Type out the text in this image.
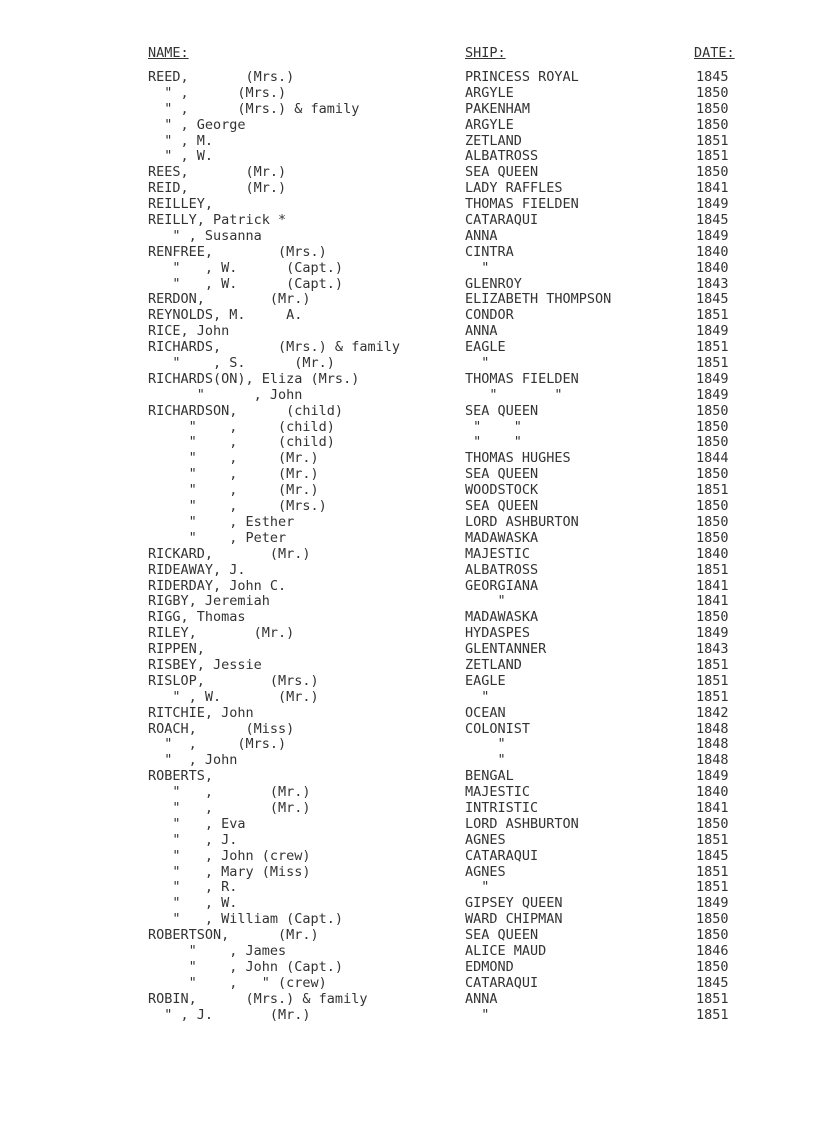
NAME:	SHIP:	DATE:
REED,       (Mrs.)	PRINCESS ROYAL	1845
" ,      (Mrs.)	ARGYLE	1850
" ,      (Mrs.) & family	PAKENHAM	1850
" , George	ARGYLE	1850
" , M.	ZETLAND	1851
" , W.	ALBATROSS	1851
REES,       (Mr.)	SEA QUEEN	1850
REID,       (Mr.)	LADY RAFFLES	1841
REILLEY,	THOMAS FIELDEN	1849
REILLY, Patrick *	CATARAQUI	1845
" , Susanna	ANNA	1849
RENFREE,        (Mrs.)	CINTRA	1840
"   , W.      (Capt.)	"	1840
"   , W.      (Capt.)	GLENROY	1843
RERDON,        (Mr.)	ELIZABETH THOMPSON	1845
REYNOLDS, M.     A.	CONDOR	1851
RICE, John	ANNA	1849
RICHARDS,       (Mrs.) & family	EAGLE	1851
"    , S.      (Mr.)	"	1851
RICHARDS(ON), Eliza (Mrs.)	THOMAS FIELDEN	1849
"      , John	"       "	1849
RICHARDSON,      (child)	SEA QUEEN	1850
"    ,     (child)	"    "	1850
"    ,     (child)	"    "	1850
"    ,     (Mr.)	THOMAS HUGHES	1844
"    ,     (Mr.)	SEA QUEEN	1850
"    ,     (Mr.)	WOODSTOCK	1851
"    ,     (Mrs.)	SEA QUEEN	1850
"    , Esther	LORD ASHBURTON	1850
"    , Peter	MADAWASKA	1850
RICKARD,       (Mr.)	MAJESTIC	1840
RIDEAWAY, J.	ALBATROSS	1851
RIDERDAY, John C.	GEORGIANA	1841
RIGBY, Jeremiah	"	1841
RIGG, Thomas	MADAWASKA	1850
RILEY,       (Mr.)	HYDASPES	1849
RIPPEN,	GLENTANNER	1843
RISBEY, Jessie	ZETLAND	1851
RISLOP,        (Mrs.)	EAGLE	1851
" , W.       (Mr.)	"	1851
RITCHIE, John	OCEAN	1842
ROACH,      (Miss)	COLONIST	1848
"  ,     (Mrs.)	"	1848
"  , John	"	1848
ROBERTS,	BENGAL	1849
"   ,       (Mr.)	MAJESTIC	1840
"   ,       (Mr.)	INTRISTIC	1841
"   , Eva	LORD ASHBURTON	1850
"   , J.	AGNES	1851
"   , John (crew)	CATARAQUI	1845
"   , Mary (Miss)	AGNES	1851
"   , R.	"	1851
"   , W.	GIPSEY QUEEN	1849
"   , William (Capt.)	WARD CHIPMAN	1850
ROBERTSON,      (Mr.)	SEA QUEEN	1850
"    , James	ALICE MAUD	1846
"    , John (Capt.)	EDMOND	1850
"    ,   " (crew)	CATARAQUI	1845
ROBIN,      (Mrs.) & family	ANNA	1851
" , J.       (Mr.)	"	1851
